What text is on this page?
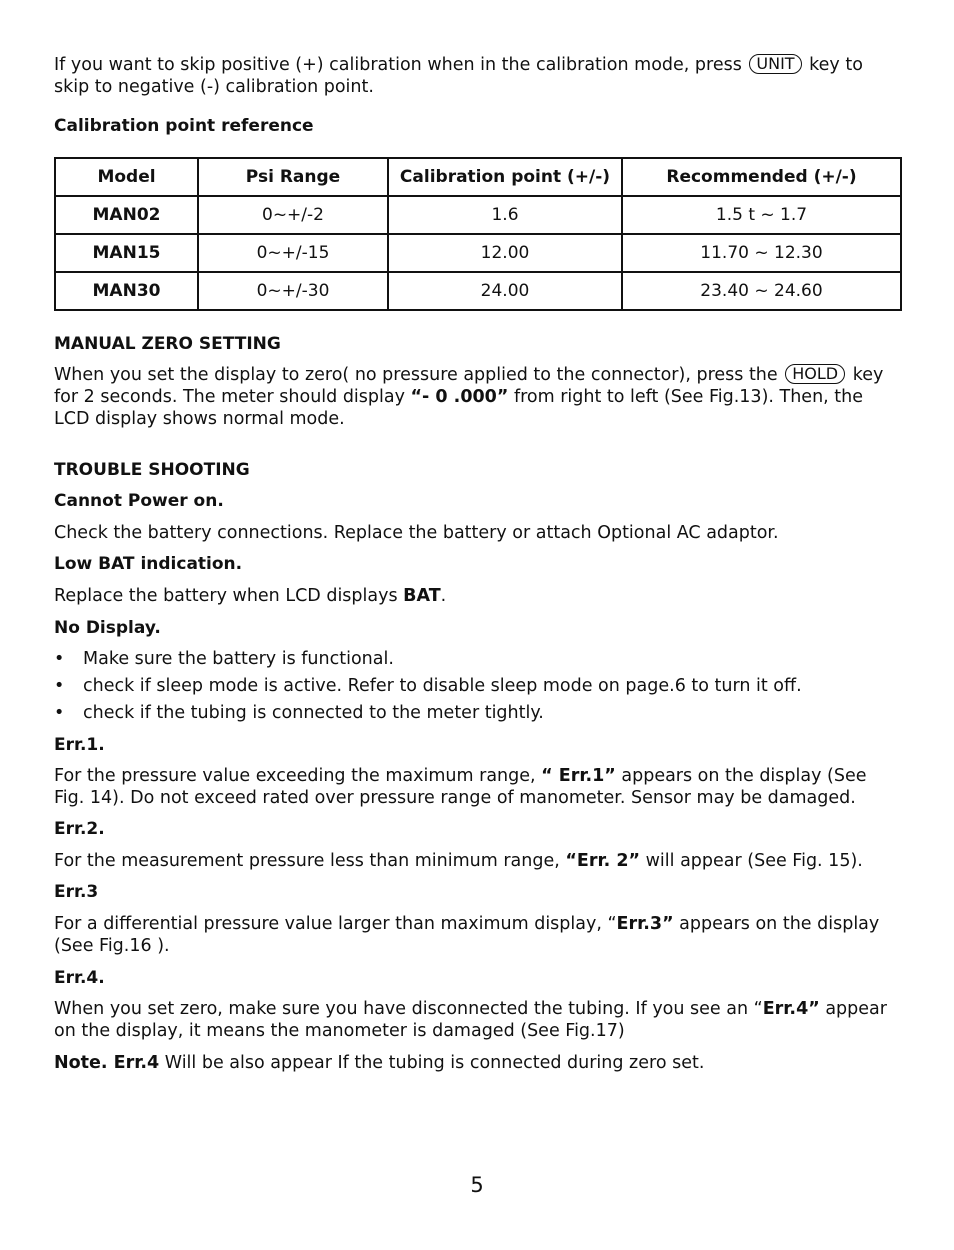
If you want to skip positive (+) calibration when in the calibration mode, press UNIT key to skip to negative (-) calibration point.

Calibration point reference

Model	Psi Range	Calibration point (+/-)	Recommended (+/-)
MAN02	0~+/-2	1.6	1.5 t ~ 1.7
MAN15	0~+/-15	12.00	11.70 ~ 12.30
MAN30	0~+/-30	24.00	23.40 ~ 24.60

MANUAL ZERO SETTING

When you set the display to zero( no pressure applied to the connector), press the HOLD key for 2 seconds. The meter should display “- 0 .000” from right to left (See Fig.13). Then, the LCD display shows normal mode.

TROUBLE SHOOTING

Cannot Power on.

Check the battery connections. Replace the battery or attach Optional AC adaptor.

Low BAT indication.

Replace the battery when LCD displays BAT.

No Display.

• Make sure the battery is functional.
• check if sleep mode is active. Refer to disable sleep mode on page.6 to turn it off.
• check if the tubing is connected to the meter tightly.

Err.1.

For the pressure value exceeding the maximum range, “ Err.1” appears on the display (See Fig. 14). Do not exceed rated over pressure range of manometer. Sensor may be damaged.

Err.2.

For the measurement pressure less than minimum range, “Err. 2” will appear (See Fig. 15).

Err.3

For a differential pressure value larger than maximum display, “Err.3” appears on the display (See Fig.16 ).

Err.4.

When you set zero, make sure you have disconnected the tubing. If you see an “Err.4” appear on the display, it means the manometer is damaged (See Fig.17)

Note. Err.4 Will be also appear If the tubing is connected during zero set.

5
